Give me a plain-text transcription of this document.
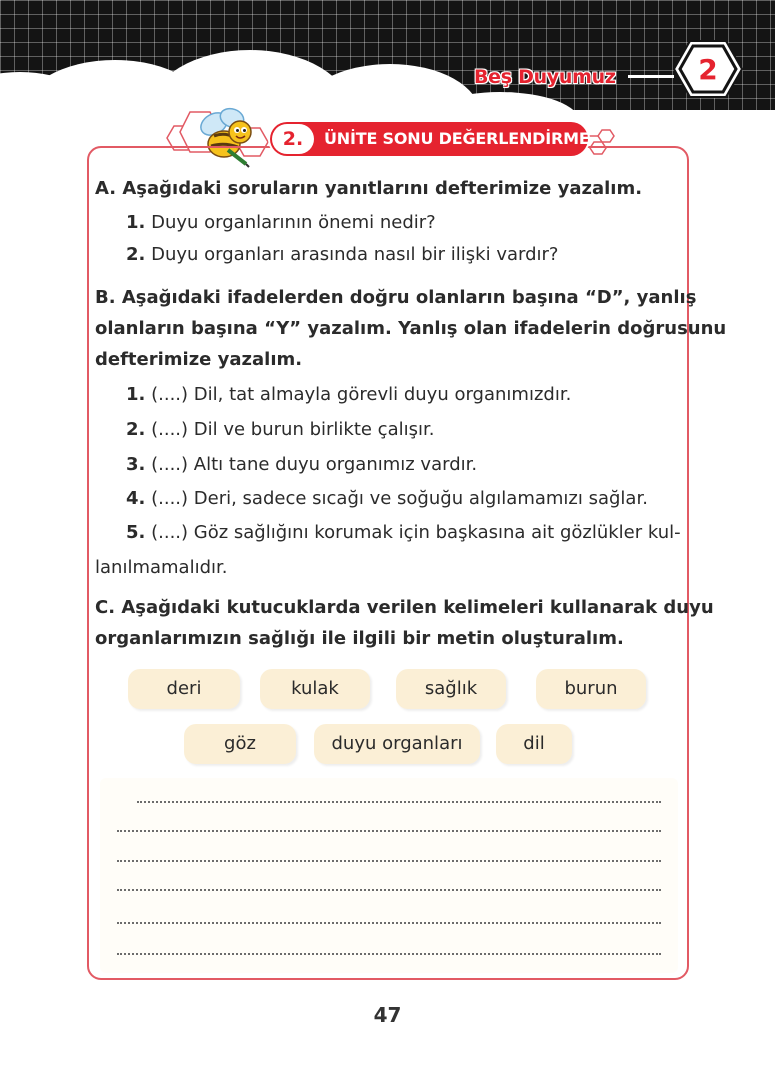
Beş Duyumuz	2
2.	ÜNİTE SONU DEĞERLENDİRME
A. Aşağıdaki soruların yanıtlarını defterimize yazalım.
1. Duyu organlarının önemi nedir?
2. Duyu organları arasında nasıl bir ilişki vardır?
B. Aşağıdaki ifadelerden doğru olanların başına “D”, yanlış
olanların başına “Y” yazalım. Yanlış olan ifadelerin doğrusunu
defterimize yazalım.
1. (....) Dil, tat almayla görevli duyu organımızdır.
2. (....) Dil ve burun birlikte çalışır.
3. (....) Altı tane duyu organımız vardır.
4. (....) Deri, sadece sıcağı ve soğuğu algılamamızı sağlar.
5. (....) Göz sağlığını korumak için başkasına ait gözlükler kul-
lanılmamalıdır.
C. Aşağıdaki kutucuklarda verilen kelimeleri kullanarak duyu
organlarımızın sağlığı ile ilgili bir metin oluşturalım.
deri	kulak	sağlık	burun
göz	duyu organları	dil
47
